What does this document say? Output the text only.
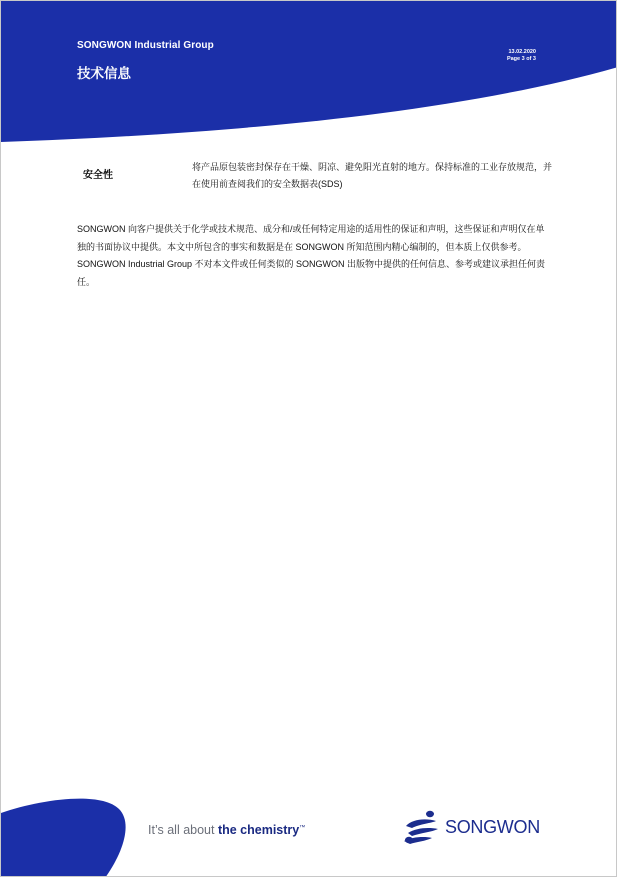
SONGWON Industrial Group
技术信息
13.02.2020
Page 3 of 3
安全性
将产品原包装密封保存在干燥、阴凉、避免阳光直射的地方。保持标准的工业存放规范，并在使用前查阅我们的安全数据表(SDS)
SONGWON 向客户提供关于化学或技术规范、成分和/或任何特定用途的适用性的保证和声明，这些保证和声明仅在单独的书面协议中提供。本文中所包含的事实和数据是在 SONGWON 所知范围内精心编制的，但本质上仅供参考。SONGWON Industrial Group 不对本文件或任何类似的 SONGWON 出版物中提供的任何信息、参考或建议承担任何责任。
It’s all about the chemistry™	SONGWON
